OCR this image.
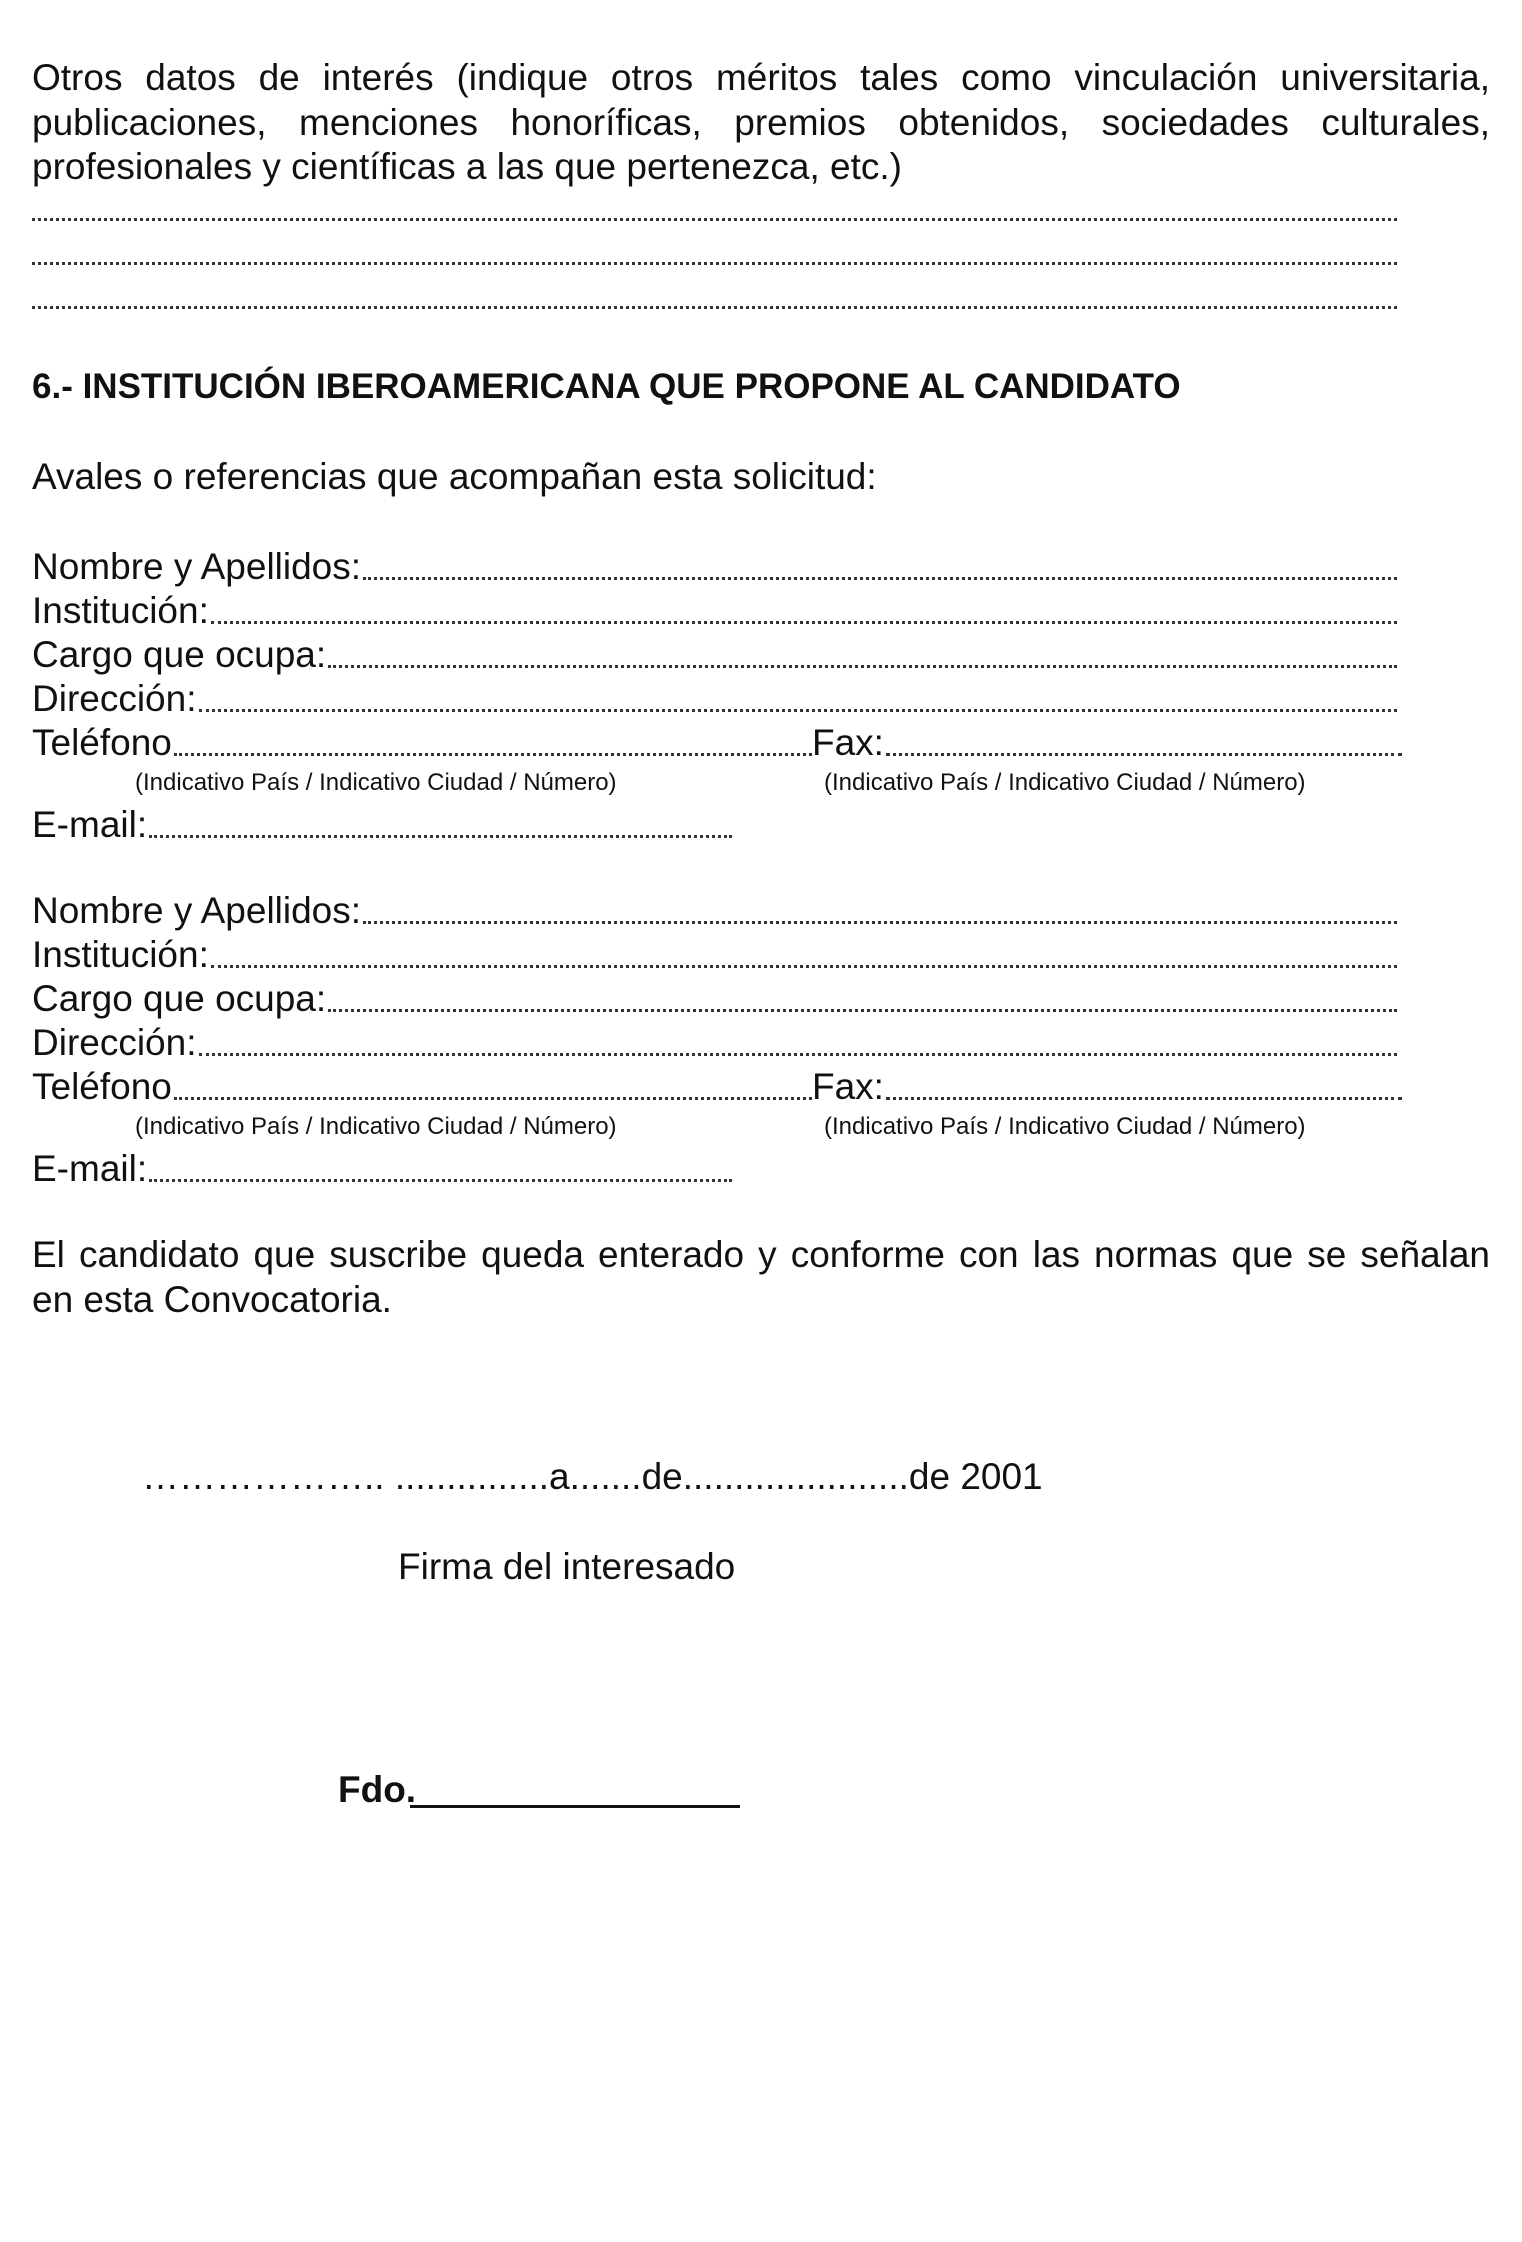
Otros datos de interés (indique otros méritos tales como vinculación universitaria, publicaciones, menciones honoríficas, premios obtenidos, sociedades culturales, profesionales y científicas a las que pertenezca, etc.)
6.- INSTITUCIÓN IBEROAMERICANA QUE PROPONE AL CANDIDATO
Avales o referencias que acompañan esta solicitud:
Nombre y Apellidos:
Institución:
Cargo que ocupa:
Dirección:
Teléfono	Fax:
(Indicativo País / Indicativo Ciudad / Número)	(Indicativo País / Indicativo Ciudad / Número)
E-mail:
Nombre y Apellidos:
Institución:
Cargo que ocupa:
Dirección:
Teléfono	Fax:
(Indicativo País / Indicativo Ciudad / Número)	(Indicativo País / Indicativo Ciudad / Número)
E-mail:
El candidato que suscribe queda enterado y conforme con las normas que se señalan en esta Convocatoria.
……………….. ...............a.......de......................de 2001
Firma del interesado
Fdo.
